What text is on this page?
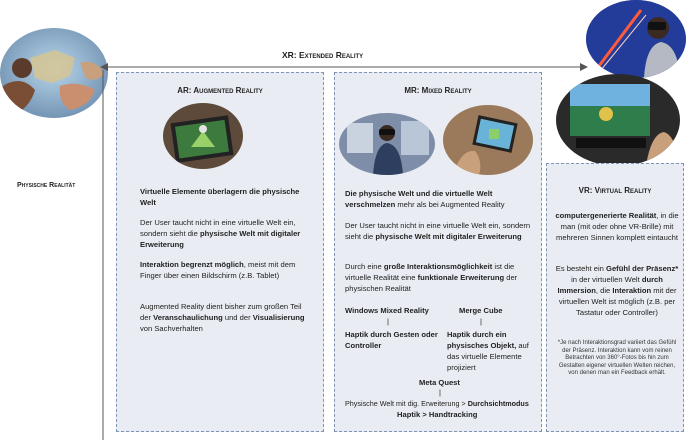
XR: Extended Reality
Physische Realität
AR: Augmented Reality
Virtuelle Elemente überlagern die physische Welt
Der User taucht nicht in eine virtuelle Welt ein, sondern sieht die physische Welt mit digitaler Erweiterung
Interaktion begrenzt möglich, meist mit dem Finger über einen Bildschirm (z.B. Tablet)
Augmented Reality dient bisher zum großen Teil der Veranschaulichung und der Visualisierung von Sachverhalten
MR: Mixed Reality
Die physische Welt und die virtuelle Welt verschmelzen mehr als bei Augmented Reality
Der User taucht nicht in eine virtuelle Welt ein, sondern sieht die physische Welt mit digitaler Erweiterung
Durch eine große Interaktionsmöglichkeit ist die virtuelle Realität eine funktionale Erweiterung der physischen Realität
Windows Mixed Reality
|
Haptik durch Gesten oder Controller
Merge Cube
|
Haptik durch ein physisches Objekt, auf das virtuelle Elemente projiziert
Meta Quest
|
Physische Welt mit dig. Erweiterung > Durchsichtmodus
Haptik > Handtracking
VR: Virtual Reality
computergenerierte Realität, in die man (mit oder ohne VR-Brille) mit mehreren Sinnen komplett eintaucht
Es besteht ein Gefühl der Präsenz* in der virtuellen Welt durch Immersion, die Interaktion mit der virtuellen Welt ist möglich (z.B. per Tastatur oder Controller)
*Je nach Interaktionsgrad variiert das Gefühl der Präsenz. Interaktion kann vom reinen Betrachten von 360°-Fotos bis hin zum Gestalten eigener virtuellen Welten reichen, von denen man ein Feedback erhält.
